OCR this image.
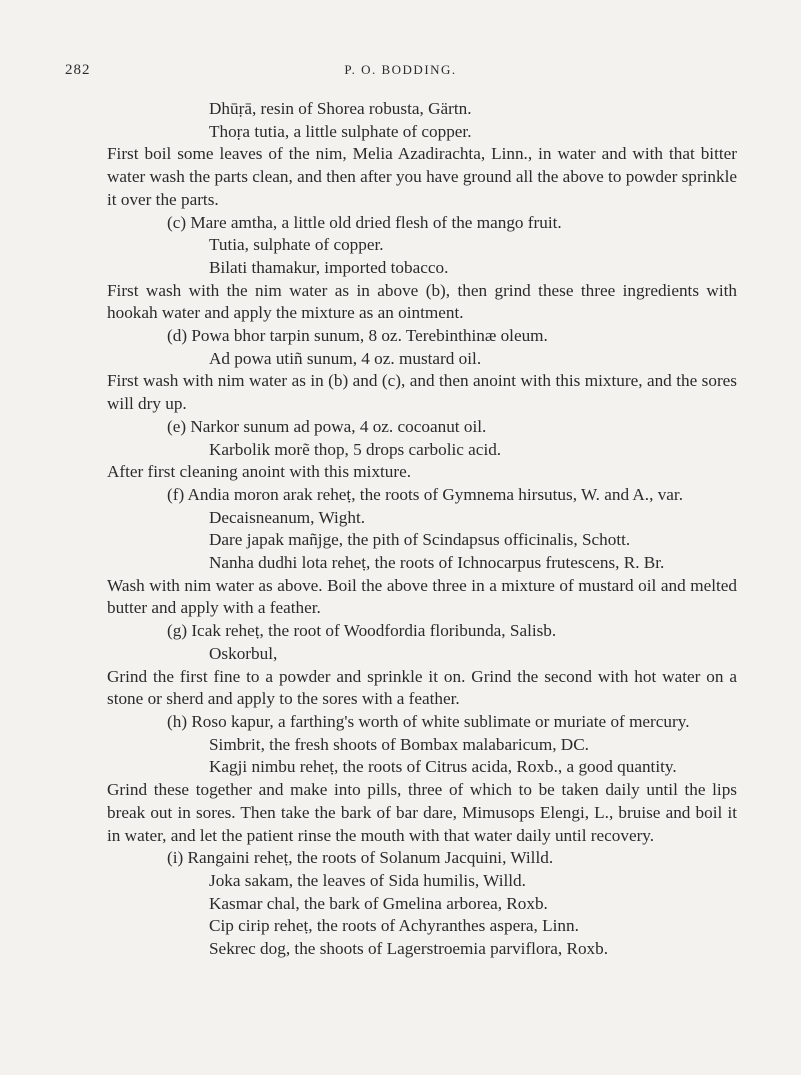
282	P. O. BODDING.

Dhūṛā, resin of Shorea robusta, Gärtn.

Thoṛa tutia, a little sulphate of copper.

First boil some leaves of the nim, Melia Azadirachta, Linn., in water and with that bitter water wash the parts clean, and then after you have ground all the above to powder sprinkle it over the parts.

(c) Mare amtha, a little old dried flesh of the mango fruit.

Tutia, sulphate of copper.

Bilati thamakur, imported tobacco.

First wash with the nim water as in above (b), then grind these three ingredients with hookah water and apply the mixture as an ointment.

(d) Powa bhor tarpin sunum, 8 oz. Terebinthinæ oleum.

Ad powa utiñ sunum, 4 oz. mustard oil.

First wash with nim water as in (b) and (c), and then anoint with this mixture, and the sores will dry up.

(e) Narkor sunum ad powa, 4 oz. cocoanut oil.

Karbolik morẽ thop, 5 drops carbolic acid.

After first cleaning anoint with this mixture.

(f) Andia moron arak reheṭ, the roots of Gymnema hirsutus, W. and A., var. Decaisneanum, Wight.

Dare japak mañjge, the pith of Scindapsus officinalis, Schott.

Nanha dudhi lota reheṭ, the roots of Ichnocarpus frutescens, R. Br.

Wash with nim water as above. Boil the above three in a mixture of mustard oil and melted butter and apply with a feather.

(g) Icak reheṭ, the root of Woodfordia floribunda, Salisb.

Oskorbul,

Grind the first fine to a powder and sprinkle it on. Grind the second with hot water on a stone or sherd and apply to the sores with a feather.

(h) Roso kapur, a farthing's worth of white sublimate or muriate of mercury.

Simbrit, the fresh shoots of Bombax malabaricum, DC.

Kagji nimbu reheṭ, the roots of Citrus acida, Roxb., a good quantity.

Grind these together and make into pills, three of which to be taken daily until the lips break out in sores. Then take the bark of bar dare, Mimusops Elengi, L., bruise and boil it in water, and let the patient rinse the mouth with that water daily until recovery.

(i) Rangaini reheṭ, the roots of Solanum Jacquini, Willd.

Joka sakam, the leaves of Sida humilis, Willd.

Kasmar chal, the bark of Gmelina arborea, Roxb.

Cip cirip reheṭ, the roots of Achyranthes aspera, Linn.

Sekrec dog, the shoots of Lagerstroemia parviflora, Roxb.
